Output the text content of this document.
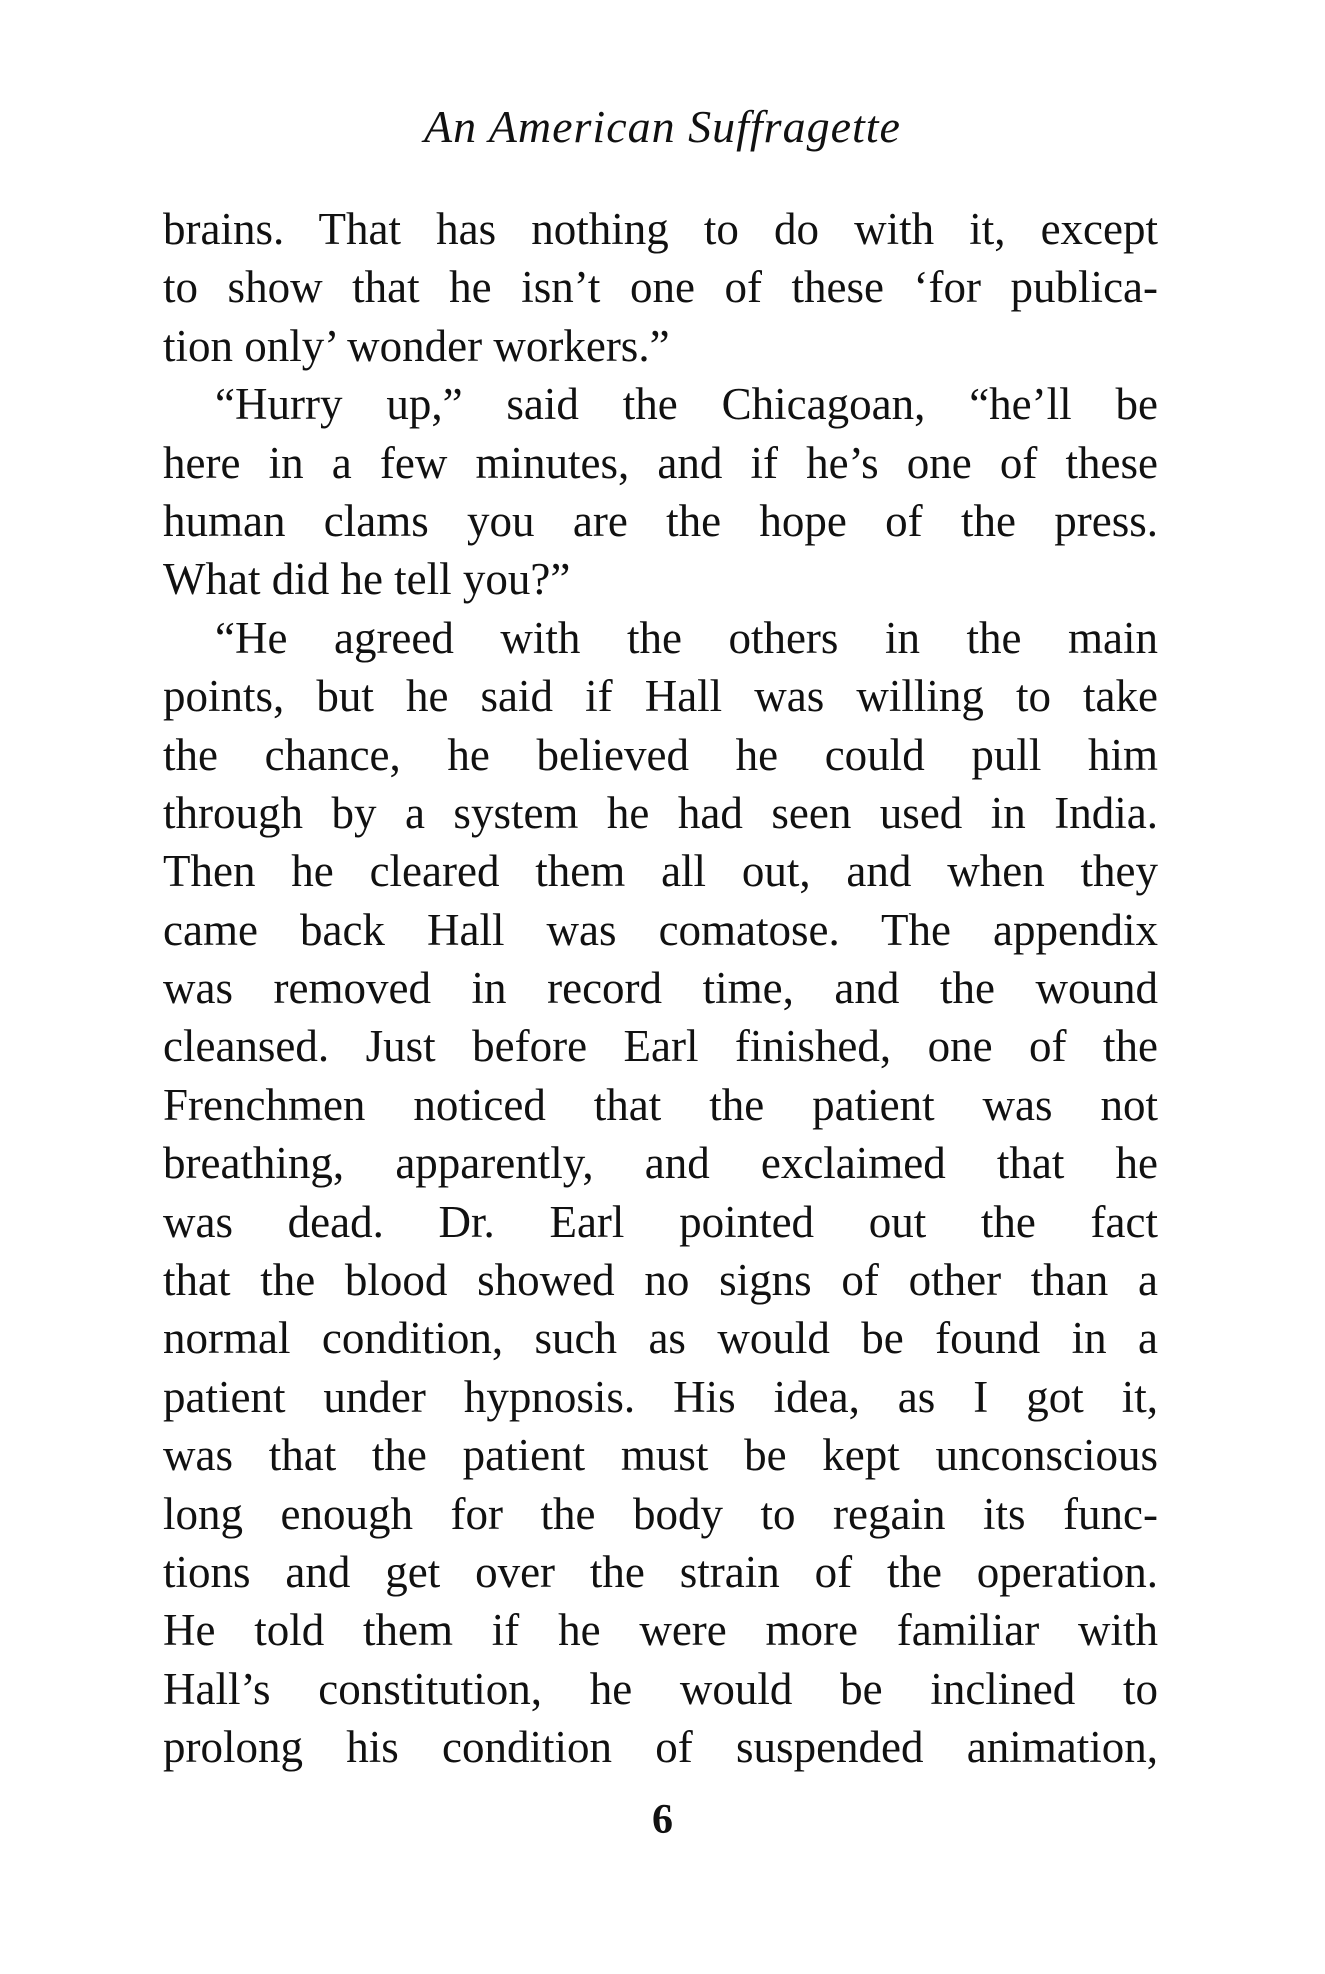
An American Suffragette
brains. That has nothing to do with it, except
to show that he isn’t one of these ‘for publica-
tion only’ wonder workers.”
“Hurry up,” said the Chicagoan, “he’ll be
here in a few minutes, and if he’s one of these
human clams you are the hope of the press.
What did he tell you?”
“He agreed with the others in the main
points, but he said if Hall was willing to take
the chance, he believed he could pull him
through by a system he had seen used in India.
Then he cleared them all out, and when they
came back Hall was comatose. The appendix
was removed in record time, and the wound
cleansed. Just before Earl finished, one of the
Frenchmen noticed that the patient was not
breathing, apparently, and exclaimed that he
was dead. Dr. Earl pointed out the fact
that the blood showed no signs of other than a
normal condition, such as would be found in a
patient under hypnosis. His idea, as I got it,
was that the patient must be kept unconscious
long enough for the body to regain its func-
tions and get over the strain of the operation.
He told them if he were more familiar with
Hall’s constitution, he would be inclined to
prolong his condition of suspended animation,
6
